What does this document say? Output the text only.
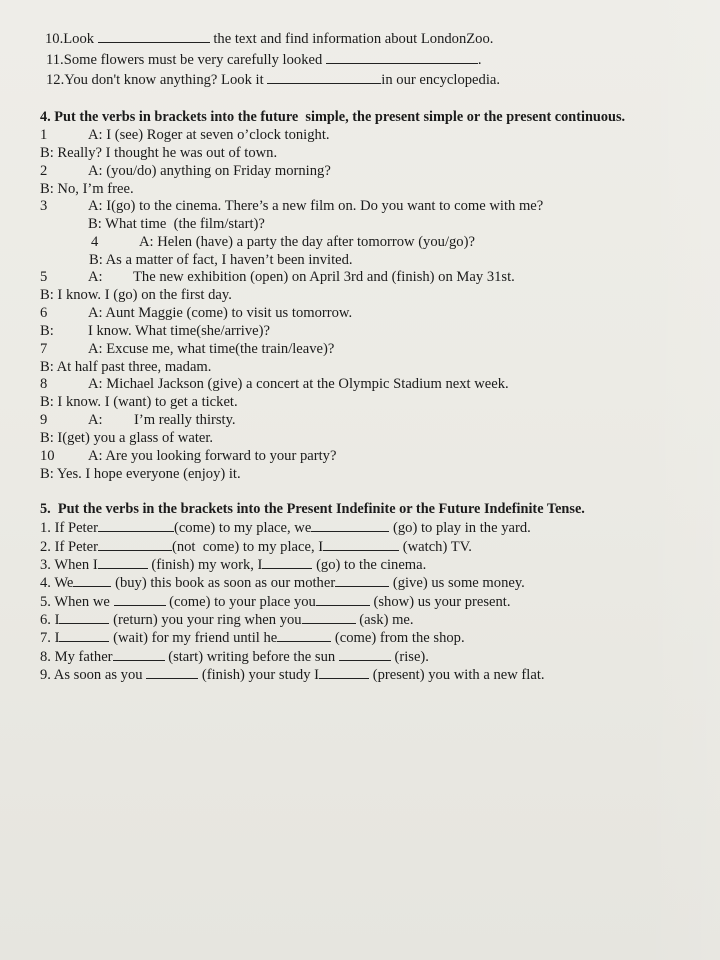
10.Look	the text and find information about LondonZoo.
11.Some flowers must be very carefully looked	.
12.You don't know anything? Look it	in our encyclopedia.
4. Put the verbs in brackets into the future  simple, the present simple or the present continuous.
1	A: I (see) Roger at seven o’clock tonight.
B: Really? I thought he was out of town.
2	A: (you/do) anything on Friday morning?
B: No, I’m free.
3	A: I(go) to the cinema. There’s a new film on. Do you want to come with me?
B: What time  (the film/start)?
4	A: Helen (have) a party the day after tomorrow (you/go)?
B: As a matter of fact, I haven’t been invited.
5	A: The new exhibition (open) on April 3rd and (finish) on May 31st.
B: I know. I (go) on the first day.
6	A: Aunt Maggie (come) to visit us tomorrow.
B: I know. What time(she/arrive)?
7	A: Excuse me, what time(the train/leave)?
B: At half past three, madam.
8	A: Michael Jackson (give) a concert at the Olympic Stadium next week.
B: I know. I (want) to get a ticket.
9	A: I’m really thirsty.
B: I(get) you a glass of water.
10 A: Are you looking forward to your party?
B: Yes. I hope everyone (enjoy) it.
5.  Put the verbs in the brackets into the Present Indefinite or the Future Indefinite Tense.
1. If Peter	(come) to my place, we	(go) to play in the yard.
2. If Peter	(not  come) to my place, I	(watch) TV.
3. When I	(finish) my work, I	(go) to the cinema.
4. We	(buy) this book as soon as our mother	(give) us some money.
5. When we	(come) to your place you	(show) us your present.
6. I	(return) you your ring when you	(ask) me.
7. I	(wait) for my friend until he	(come) from the shop.
8. My father	(start) writing before the sun	(rise).
9. As soon as you	(finish) your study I	(present) you with a new flat.
